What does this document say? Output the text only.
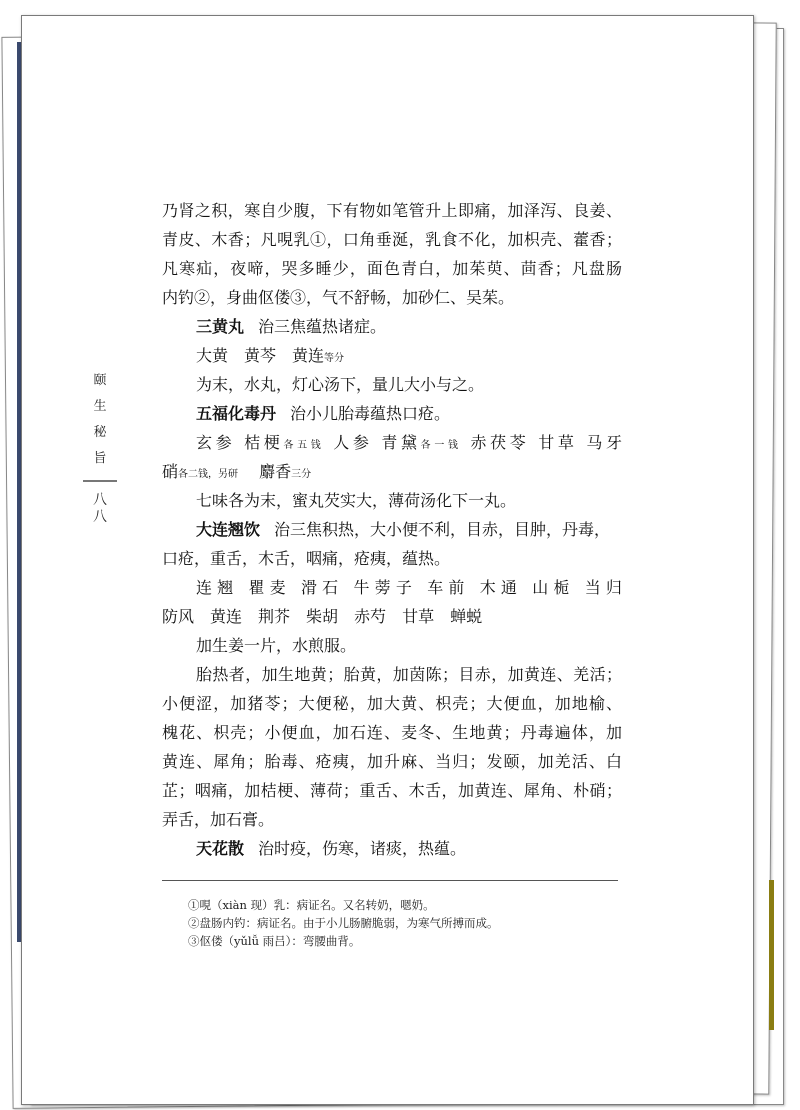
颐
生
秘
旨
八
八
乃肾之积，寒自少腹，下有物如笔管升上即痛，加泽泻、良姜、
青皮、木香；凡哯乳①，口角垂涎，乳食不化，加枳壳、藿香；
凡寒疝，夜啼，哭多睡少，面色青白，加茱萸、茴香；凡盘肠
内钓②，身曲伛偻③，气不舒畅，加砂仁、吴茱。
三黄丸 治三焦蕴热诸症。
大黄 黄芩 黄连等分
为末，水丸，灯心汤下，量儿大小与之。
五福化毒丹 治小儿胎毒蕴热口疮。
玄参 桔梗各五钱 人参 青黛各一钱 赤茯苓 甘草 马牙
硝各二钱，另研 麝香三分
七味各为末，蜜丸芡实大，薄荷汤化下一丸。
大连翘饮 治三焦积热，大小便不利，目赤，目肿，丹毒，
口疮，重舌，木舌，咽痛，疮痍，蕴热。
连翘 瞿麦 滑石 牛蒡子 车前 木通 山栀 当归
防风 黄连 荆芥 柴胡 赤芍 甘草 蝉蜕
加生姜一片，水煎服。
胎热者，加生地黄；胎黄，加茵陈；目赤，加黄连、羌活；
小便涩，加猪苓；大便秘，加大黄、枳壳；大便血，加地榆、
槐花、枳壳；小便血，加石连、麦冬、生地黄；丹毒遍体，加
黄连、犀角；胎毒、疮痍，加升麻、当归；发颐，加羌活、白
芷；咽痛，加桔梗、薄荷；重舌、木舌，加黄连、犀角、朴硝；
弄舌，加石膏。
天花散 治时疫，伤寒，诸痰，热蕴。
①哯（xiàn 现）乳：病证名。又名转奶，嗯奶。
②盘肠内钓：病证名。由于小儿肠腑脆弱，为寒气所搏而成。
③伛偻（yǔlǚ 雨吕）：弯腰曲背。
